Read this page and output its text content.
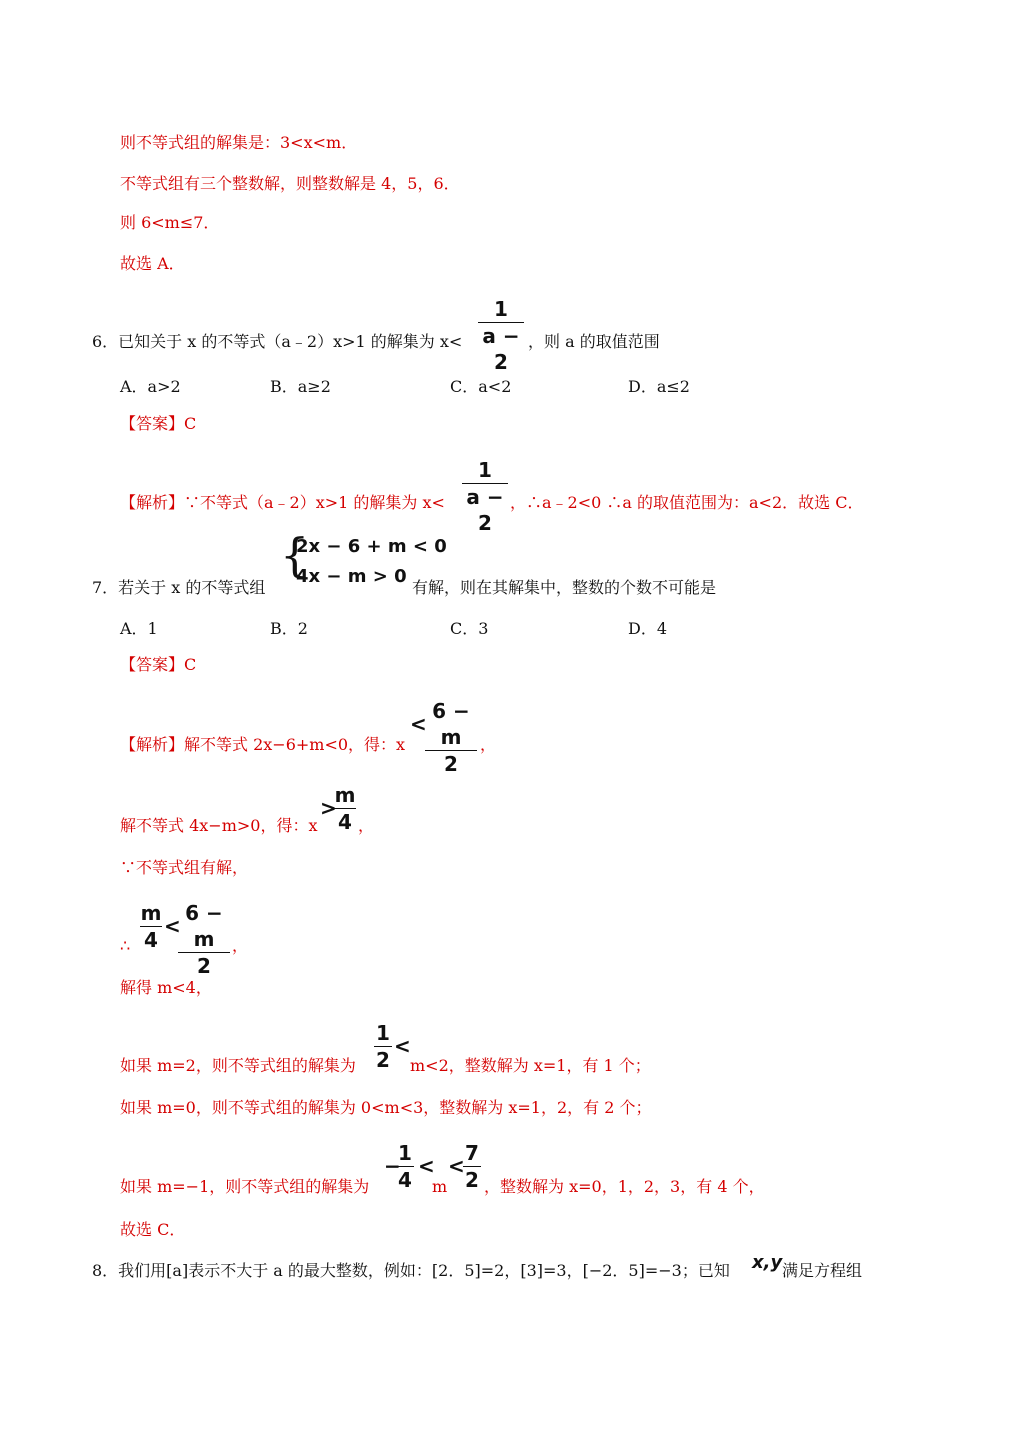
则不等式组的解集是：3<x<m．
不等式组有三个整数解，则整数解是 4，5，6．
则 6<m≤7．
故选 A．
6．已知关于 x 的不等式（a﹣2）x>1 的解集为 x<
1
a − 2
，则 a 的取值范围
A．a>2	B．a≥2	C．a<2	D．a≤2
【答案】C
【解析】∵不等式（a﹣2）x>1 的解集为 x<
1
a − 2
，∴a﹣2<0 ∴a 的取值范围为：a<2．故选 C．
7．若关于 x 的不等式组
{
2x − 6 + m < 0
4x − m > 0
有解，则在其解集中，整数的个数不可能是
A．1	B．2	C．3	D．4
【答案】C
【解析】解不等式 2x−6+m<0，得：x
<
6 − m
2
，
解不等式 4x−m>0，得：x
>
m
4 ，
∵不等式组有解，
∴
m
4
<
6 − m
2
，
解得 m<4，
如果 m=2，则不等式组的解集为
1
2
<
m<2，整数解为 x=1，有 1 个；
如果 m=0，则不等式组的解集为 0<m<3，整数解为 x=1，2，有 2 个；
如果 m=−1，则不等式组的解集为
−
1
4
<
m
<
7
2 ，整数解为 x=0，1，2，3，有 4 个，
故选 C．
8．我们用[a]表示不大于 a 的最大整数，例如：[2．5]=2，[3]=3，[−2．5]=−3；已知 x,y 满足方程组
